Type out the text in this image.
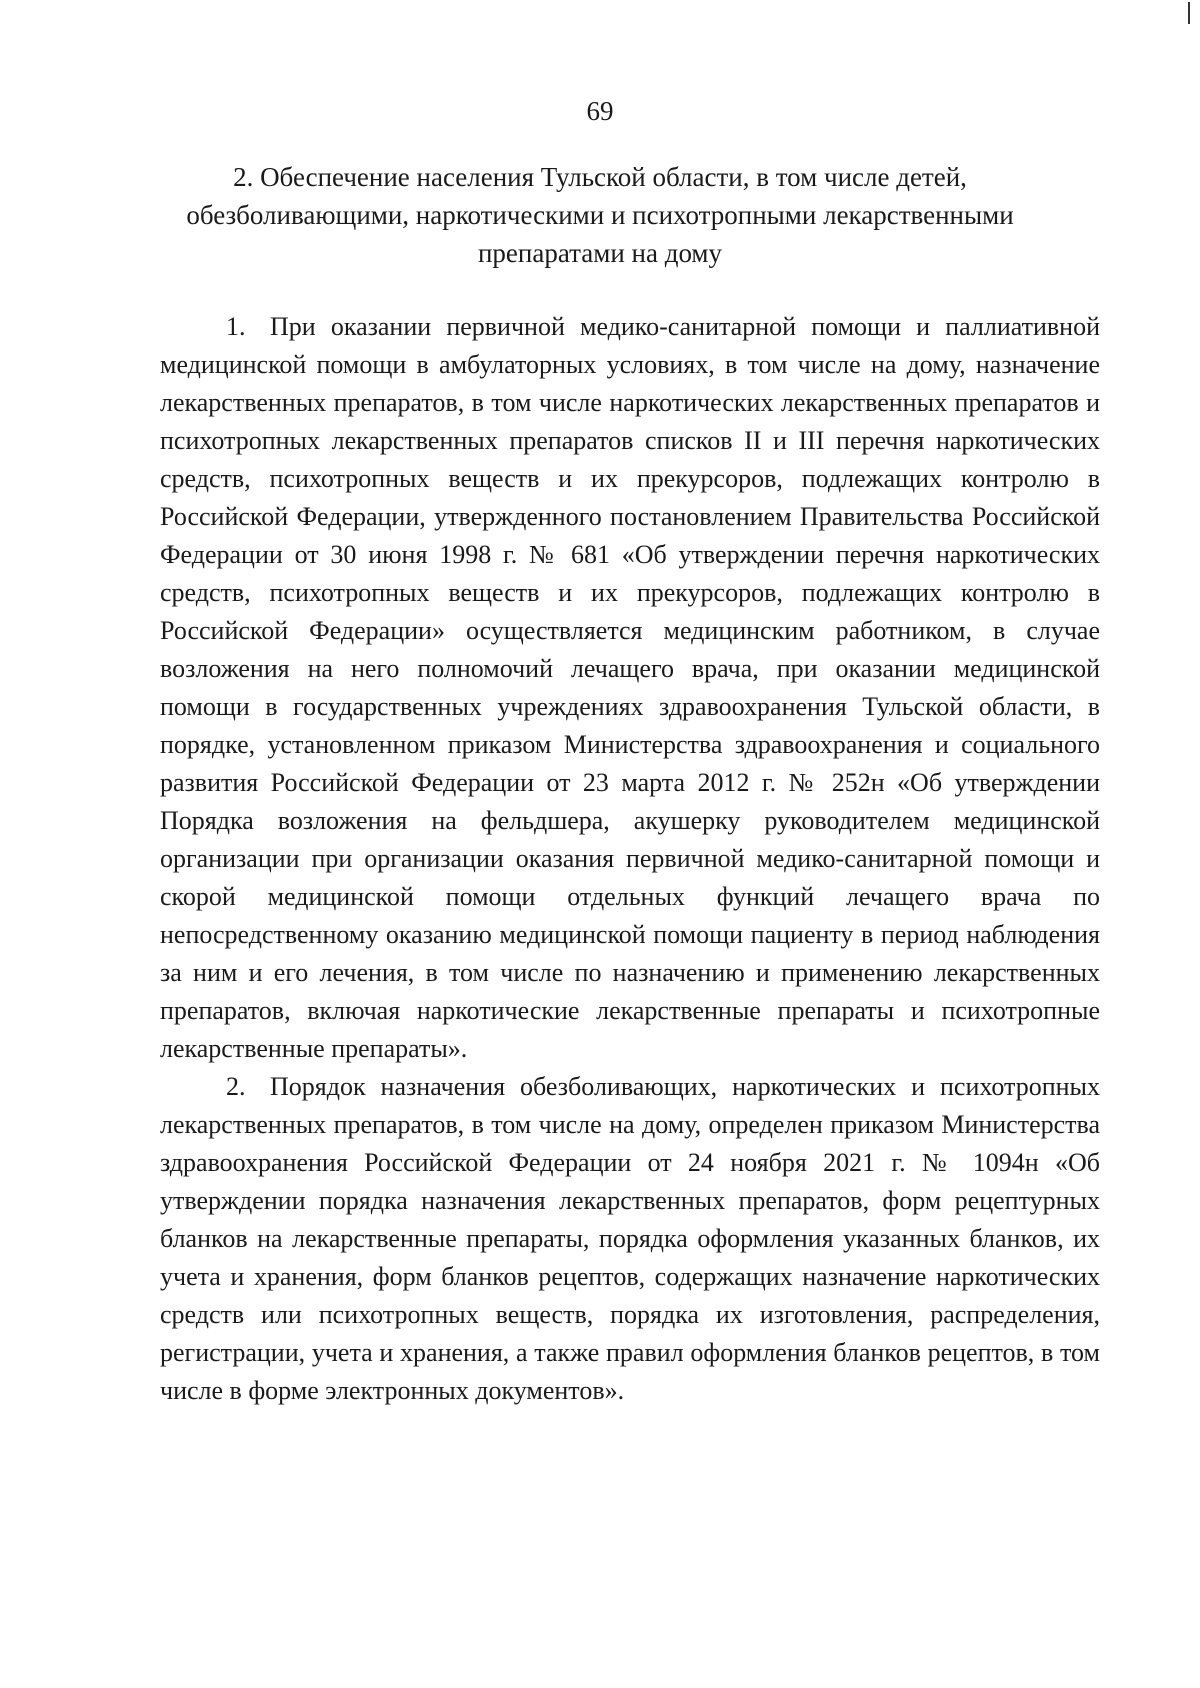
69
2. Обеспечение населения Тульской области, в том числе детей,
обезболивающими, наркотическими и психотропными лекарственными
препаратами на дому

1. При оказании первичной медико-санитарной помощи и паллиативной медицинской помощи в амбулаторных условиях, в том числе на дому, назначение лекарственных препаратов, в том числе наркотических лекарственных препаратов и психотропных лекарственных препаратов списков II и III перечня наркотических средств, психотропных веществ и их прекурсоров, подлежащих контролю в Российской Федерации, утвержденного постановлением Правительства Российской Федерации от 30 июня 1998 г. № 681 «Об утверждении перечня наркотических средств, психотропных веществ и их прекурсоров, подлежащих контролю в Российской Федерации» осуществляется медицинским работником, в случае возложения на него полномочий лечащего врача, при оказании медицинской помощи в государственных учреждениях здравоохранения Тульской области, в порядке, установленном приказом Министерства здравоохранения и социального развития Российской Федерации от 23 марта 2012 г. № 252н «Об утверждении Порядка возложения на фельдшера, акушерку руководителем медицинской организации при организации оказания первичной медико-санитарной помощи и скорой медицинской помощи отдельных функций лечащего врача по непосредственному оказанию медицинской помощи пациенту в период наблюдения за ним и его лечения, в том числе по назначению и применению лекарственных препаратов, включая наркотические лекарственные препараты и психотропные лекарственные препараты».

2. Порядок назначения обезболивающих, наркотических и психотропных лекарственных препаратов, в том числе на дому, определен приказом Министерства здравоохранения Российской Федерации от 24 ноября 2021 г. № 1094н «Об утверждении порядка назначения лекарственных препаратов, форм рецептурных бланков на лекарственные препараты, порядка оформления указанных бланков, их учета и хранения, форм бланков рецептов, содержащих назначение наркотических средств или психотропных веществ, порядка их изготовления, распределения, регистрации, учета и хранения, а также правил оформления бланков рецептов, в том числе в форме электронных документов».
